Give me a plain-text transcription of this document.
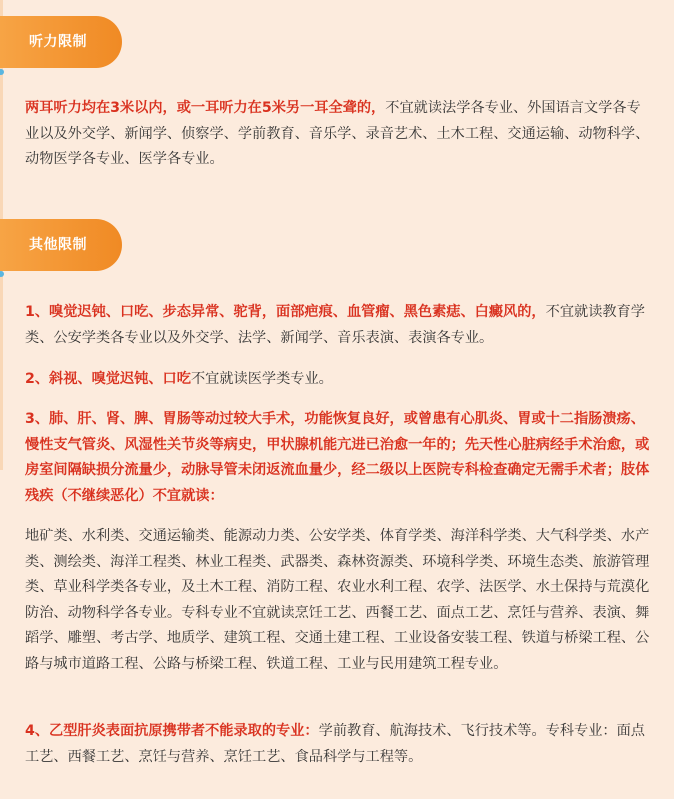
听力限制

两耳听力均在3米以内，或一耳听力在5米另一耳全聋的，不宜就读法学各专业、外国语言文学各专业以及外交学、新闻学、侦察学、学前教育、音乐学、录音艺术、土木工程、交通运输、动物科学、动物医学各专业、医学各专业。

其他限制

1、嗅觉迟钝、口吃、步态异常、驼背，面部疤痕、血管瘤、黑色素痣、白癜风的，不宜就读教育学类、公安学类各专业以及外交学、法学、新闻学、音乐表演、表演各专业。

2、斜视、嗅觉迟钝、口吃不宜就读医学类专业。

3、肺、肝、肾、脾、胃肠等动过较大手术，功能恢复良好，或曾患有心肌炎、胃或十二指肠溃疡、慢性支气管炎、风湿性关节炎等病史，甲状腺机能亢进已治愈一年的；先天性心脏病经手术治愈，或房室间隔缺损分流量少，动脉导管未闭返流血量少，经二级以上医院专科检查确定无需手术者；肢体残疾（不继续恶化）不宜就读：

地矿类、水利类、交通运输类、能源动力类、公安学类、体育学类、海洋科学类、大气科学类、水产类、测绘类、海洋工程类、林业工程类、武器类、森林资源类、环境科学类、环境生态类、旅游管理类、草业科学类各专业，及土木工程、消防工程、农业水利工程、农学、法医学、水土保持与荒漠化防治、动物科学各专业。专科专业不宜就读烹饪工艺、西餐工艺、面点工艺、烹饪与营养、表演、舞蹈学、雕塑、考古学、地质学、建筑工程、交通土建工程、工业设备安装工程、铁道与桥梁工程、公路与城市道路工程、公路与桥梁工程、铁道工程、工业与民用建筑工程专业。

4、乙型肝炎表面抗原携带者不能录取的专业：学前教育、航海技术、飞行技术等。专科专业：面点工艺、西餐工艺、烹饪与营养、烹饪工艺、食品科学与工程等。
